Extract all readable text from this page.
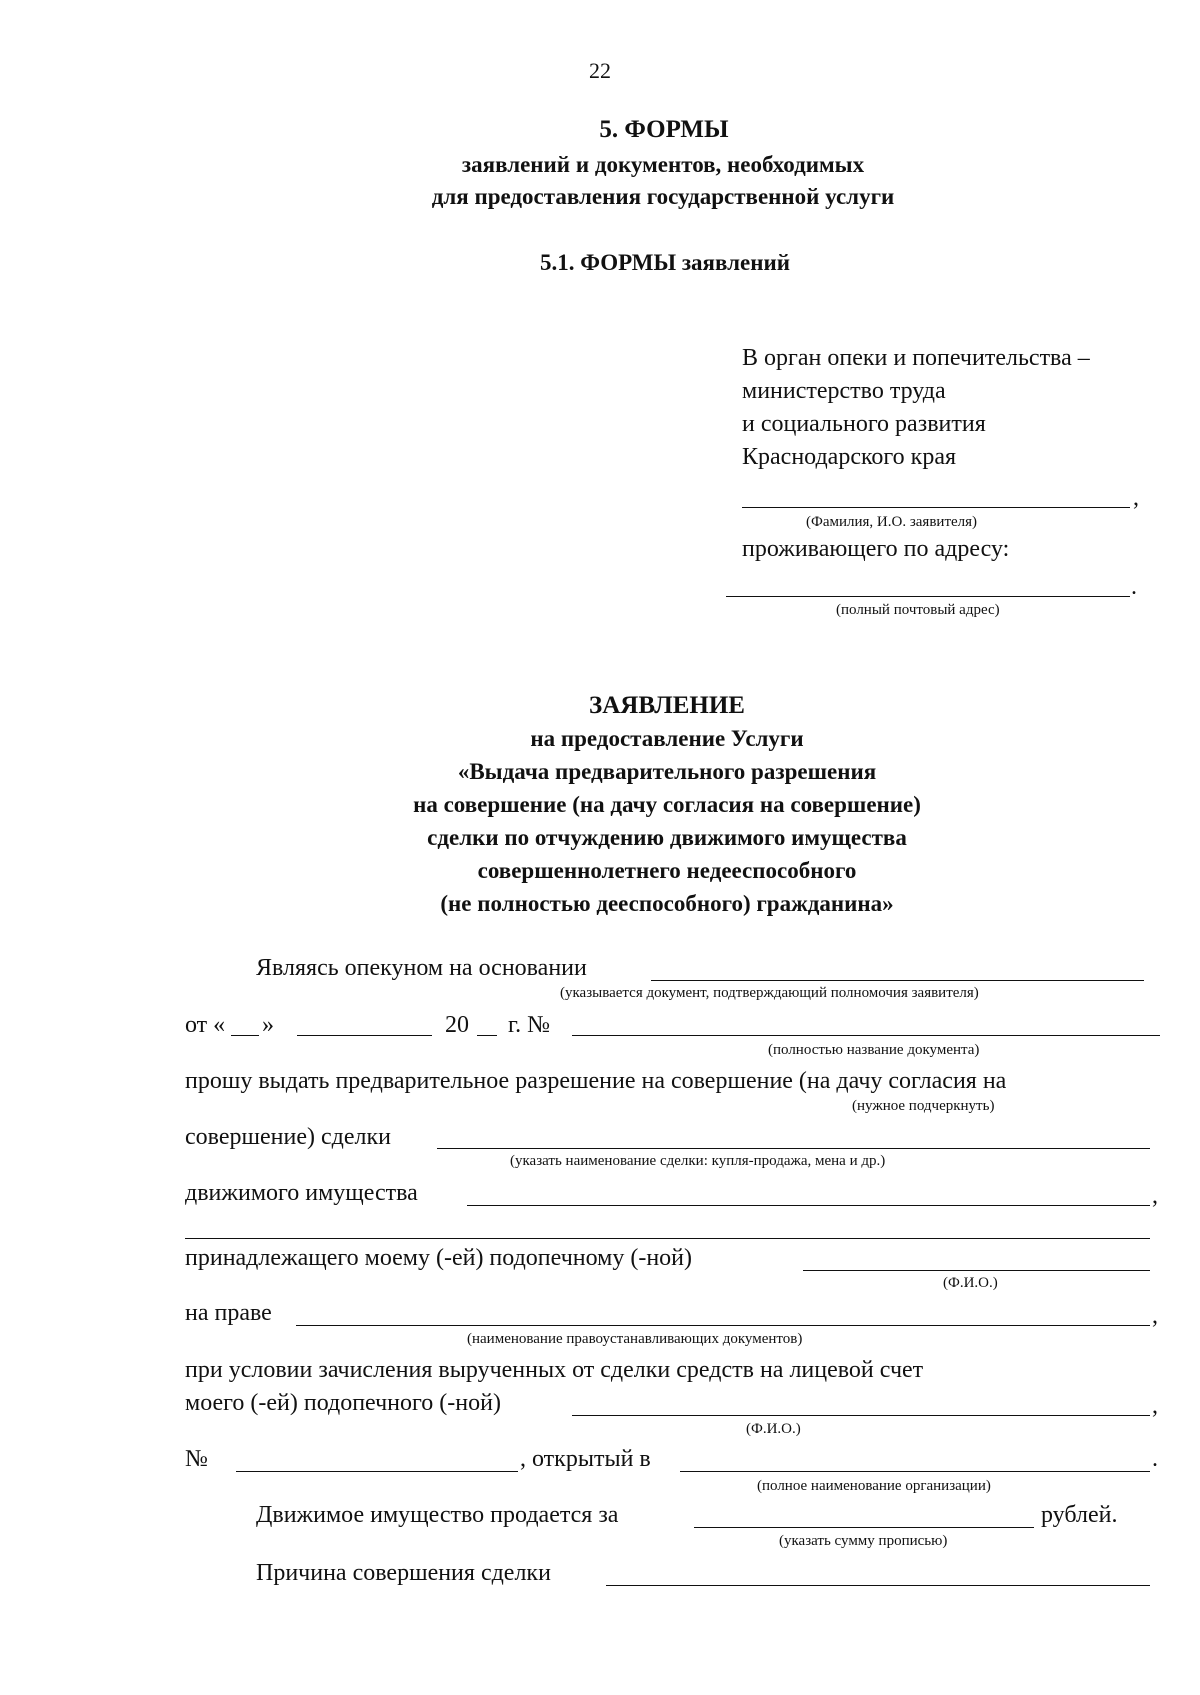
22
5. ФОРМЫ
заявлений и документов, необходимых
для предоставления государственной услуги
5.1. ФОРМЫ заявлений
В орган опеки и попечительства –
министерство труда
и социального развития
Краснодарского края
,
(Фамилия, И.О. заявителя)
проживающего по адресу:
.
(полный почтовый адрес)
ЗАЯВЛЕНИЕ
на предоставление Услуги
«Выдача предварительного разрешения
на совершение (на дачу согласия на совершение)
сделки по отчуждению движимого имущества
совершеннолетнего недееспособного
(не полностью дееспособного) гражданина»
Являясь опекуном на основании
(указывается документ, подтверждающий полномочия заявителя)
от « »	20 г. №
(полностью название документа)
прошу выдать предварительное разрешение на совершение (на дачу согласия на
(нужное подчеркнуть)
совершение) сделки
(указать наименование сделки: купля-продажа, мена и др.)
движимого имущества	,
принадлежащего моему (-ей) подопечному (-ной)
(Ф.И.О.)
на праве	,
(наименование правоустанавливающих документов)
при условии зачисления вырученных от сделки средств на лицевой счет
моего (-ей) подопечного (-ной)	,
(Ф.И.О.)
№	, открытый в	.
(полное наименование организации)
Движимое имущество продается за	рублей.
(указать сумму прописью)
Причина совершения сделки
